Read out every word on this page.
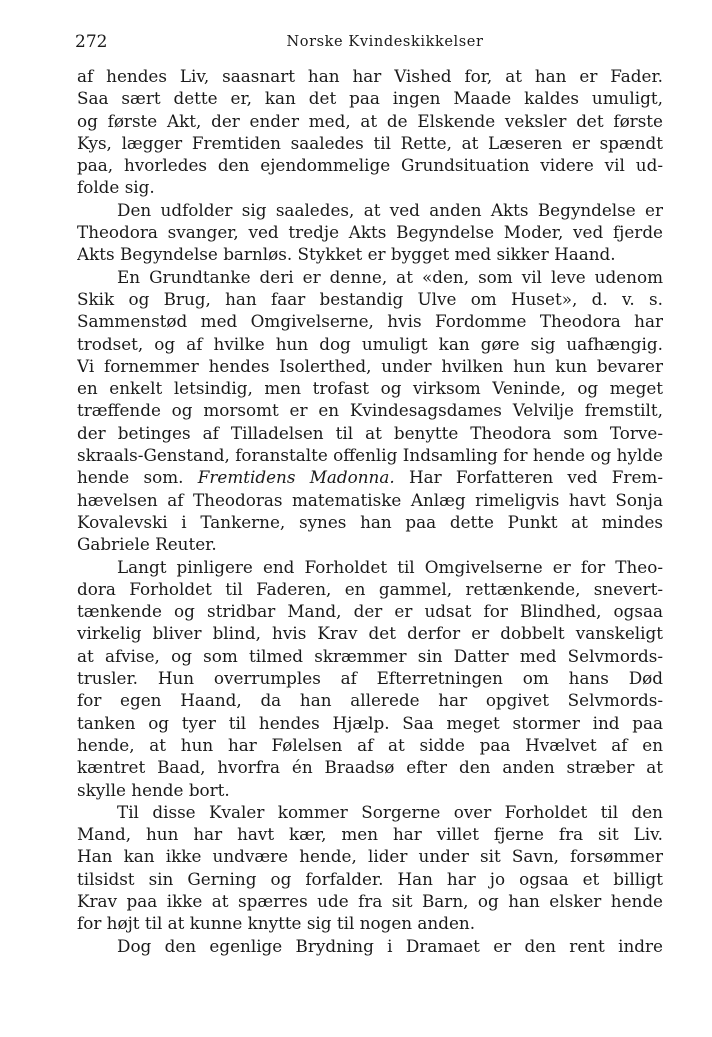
272	Norske Kvindeskikkelser
af hendes Liv, saasnart han har Vished for, at han er Fader.
Saa sært dette er, kan det paa ingen Maade kaldes umuligt,
og første Akt, der ender med, at de Elskende veksler det første
Kys, lægger Fremtiden saaledes til Rette, at Læseren er spændt
paa, hvorledes den ejendommelige Grundsituation videre vil ud-
folde sig.
Den udfolder sig saaledes, at ved anden Akts Begyndelse er
Theodora svanger, ved tredje Akts Begyndelse Moder, ved fjerde
Akts Begyndelse barnløs. Stykket er bygget med sikker Haand.
En Grundtanke deri er denne, at «den, som vil leve udenom
Skik og Brug, han faar bestandig Ulve om Huset», d. v. s.
Sammenstød med Omgivelserne, hvis Fordomme Theodora har
trodset, og af hvilke hun dog umuligt kan gøre sig uafhængig.
Vi fornemmer hendes Isolerthed, under hvilken hun kun bevarer
en enkelt letsindig, men trofast og virksom Veninde, og meget
træffende og morsomt er en Kvindesagsdames Velvilje fremstilt,
der betinges af Tilladelsen til at benytte Theodora som Torve-
skraals-Genstand, foranstalte offenlig Indsamling for hende og hylde
hende som. Fremtidens Madonna. Har Forfatteren ved Frem-
hævelsen af Theodoras matematiske Anlæg rimeligvis havt Sonja
Kovalevski i Tankerne, synes han paa dette Punkt at mindes
Gabriele Reuter.
Langt pinligere end Forholdet til Omgivelserne er for Theo-
dora Forholdet til Faderen, en gammel, rettænkende, snevert-
tænkende og stridbar Mand, der er udsat for Blindhed, ogsaa
virkelig bliver blind, hvis Krav det derfor er dobbelt vanskeligt
at afvise, og som tilmed skræmmer sin Datter med Selvmords-
trusler. Hun overrumples af Efterretningen om hans Død
for egen Haand, da han allerede har opgivet Selvmords-
tanken og tyer til hendes Hjælp. Saa meget stormer ind paa
hende, at hun har Følelsen af at sidde paa Hvælvet af en
kæntret Baad, hvorfra én Braadsø efter den anden stræber at
skylle hende bort.
Til disse Kvaler kommer Sorgerne over Forholdet til den
Mand, hun har havt kær, men har villet fjerne fra sit Liv.
Han kan ikke undvære hende, lider under sit Savn, forsømmer
tilsidst sin Gerning og forfalder. Han har jo ogsaa et billigt
Krav paa ikke at spærres ude fra sit Barn, og han elsker hende
for højt til at kunne knytte sig til nogen anden.
Dog den egenlige Brydning i Dramaet er den rent indre
